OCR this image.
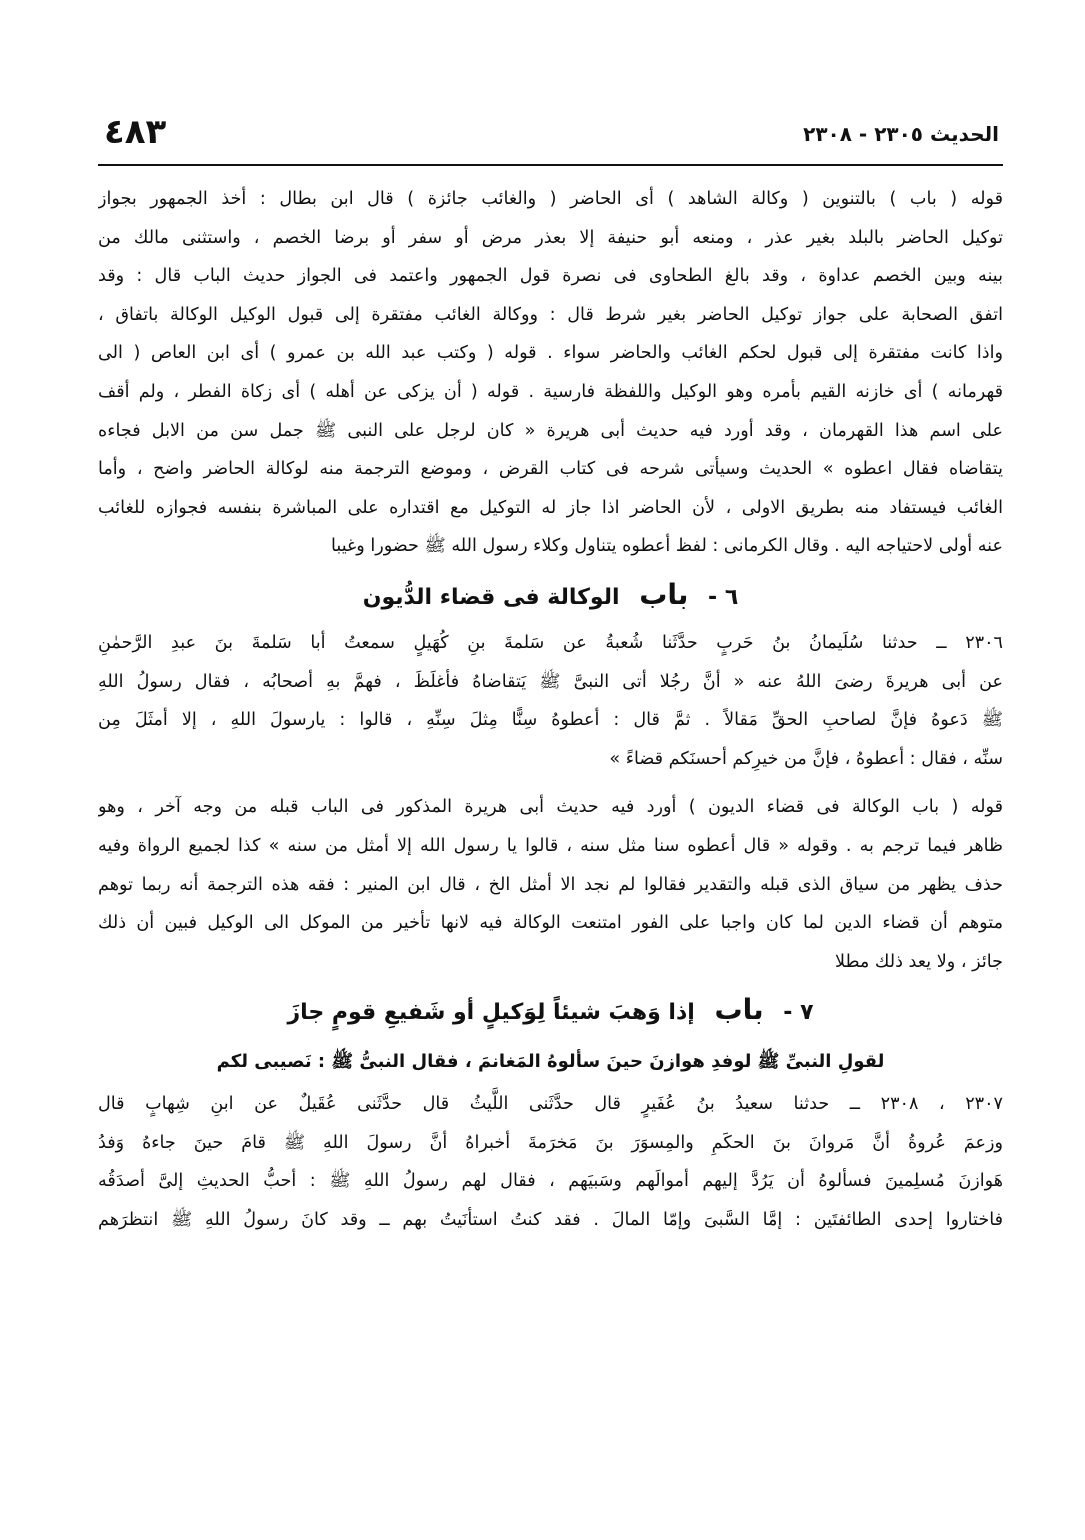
الحديث ٢٣٠٥ - ٢٣٠٨
٤٨٣

قوله ( باب ) بالتنوين ( وكالة الشاهد ) أى الحاضر ( والغائب جائزة ) قال ابن بطال : أخذ الجمهور بجواز

توكيل الحاضر بالبلد بغير عذر ، ومنعه أبو حنيفة إلا بعذر مرض أو سفر أو برضا الخصم ، واستثنى مالك من

بينه وبين الخصم عداوة ، وقد بالغ الطحاوى فى نصرة قول الجمهور واعتمد فى الجواز حديث الباب قال : وقد

اتفق الصحابة على جواز توكيل الحاضر بغير شرط قال : ووكالة الغائب مفتقرة إلى قبول الوكيل الوكالة باتفاق ،

واذا كانت مفتقرة إلى قبول لحكم الغائب والحاضر سواء . قوله ( وكتب عبد الله بن عمرو ) أى ابن العاص ( الى

قهرمانه ) أى خازنه القيم بأمره وهو الوكيل واللفظة فارسية . قوله ( أن يزكى عن أهله ) أى زكاة الفطر ، ولم أقف

على اسم هذا القهرمان ، وقد أورد فيه حديث أبى هريرة « كان لرجل على النبى ﷺ جمل سن من الابل فجاءه

يتقاضاه فقال اعطوه » الحديث وسيأتى شرحه فى كتاب القرض ، وموضع الترجمة منه لوكالة الحاضر واضح ، وأما

الغائب فيستفاد منه بطريق الاولى ، لأن الحاضر اذا جاز له التوكيل مع اقتداره على المباشرة بنفسه فجوازه للغائب

عنه أولى لاحتياجه اليه . وقال الكرمانى : لفظ أعطوه يتناول وكلاء رسول الله ﷺ حضورا وغيبا

٦ - باب الوكالة فى قضاء الدُّيون

٢٣٠٦ ــ حدثنا سُلَيمانُ بنُ حَربٍ حدَّثَنا شُعبةُ عن سَلمةَ بنِ كُهَيلٍ سمعتُ أبا سَلمةَ بنَ عبدِ الرَّحمٰنِ

عن أبى هريرةَ رضىَ اللهُ عنه « أنَّ رجُلا أتى النبىَّ ﷺ يَتقاضاهُ فأغلَظَ ، فهمَّ بهِ أصحابُه ، فقال رسولُ اللهِ

ﷺ دَعوهُ فإنَّ لصاحبِ الحقِّ مَقالاً . ثمَّ قال : أعطوهُ سِنًّا مِثلَ سِنِّهِ ، قالوا : يارسولَ اللهِ ، إلا أمثَلَ مِن

سنِّه ، فقال : أعطوهُ ، فإنَّ من خيرِكم أحسنَكم قضاءً »

قوله ( باب الوكالة فى قضاء الديون ) أورد فيه حديث أبى هريرة المذكور فى الباب قبله من وجه آخر ، وهو

ظاهر فيما ترجم به . وقوله « قال أعطوه سنا مثل سنه ، قالوا يا رسول الله إلا أمثل من سنه » كذا لجميع الرواة وفيه

حذف يظهر من سياق الذى قبله والتقدير فقالوا لم نجد الا أمثل الخ ، قال ابن المنير : فقه هذه الترجمة أنه ربما توهم

متوهم أن قضاء الدين لما كان واجبا على الفور امتنعت الوكالة فيه لانها تأخير من الموكل الى الوكيل فبين أن ذلك

جائز ، ولا يعد ذلك مطلا

٧ - باب إذا وَهبَ شيئاً لِوَكيلٍ أو شَفيعِ قومٍ جازَ
لقولِ النبىِّ ﷺ لوفدِ هوازنَ حينَ سألوهُ المَغانمَ ، فقال النبىُّ ﷺ : نَصيبى لكم

٢٣٠٧ ، ٢٣٠٨ ــ حدثنا سعيدُ بنُ عُفَيرٍ قال حدَّثَنى اللَّيثُ قال حدَّثَنى عُقَيلٌ عن ابنِ شِهابٍ قال

وزعمَ عُروةُ أنَّ مَروانَ بنَ الحكَمِ والمِسوَرَ بنَ مَخرَمةَ أخبراهُ أنَّ رسولَ اللهِ ﷺ قامَ حينَ جاءهُ وَفدُ

هَوازنَ مُسلِمينَ فسألوهُ أن يَرُدَّ إليهم أموالَهم وسَبيَهم ، فقال لهم رسولُ اللهِ ﷺ : أحبُّ الحديثِ إلىَّ أصدَقُه

فاختاروا إحدى الطائفتَين : إمَّا السَّبىَ وإمّا المالَ . فقد كنتُ استأنَيتُ بهم ــ وقد كانَ رسولُ اللهِ ﷺ انتظرَهم
